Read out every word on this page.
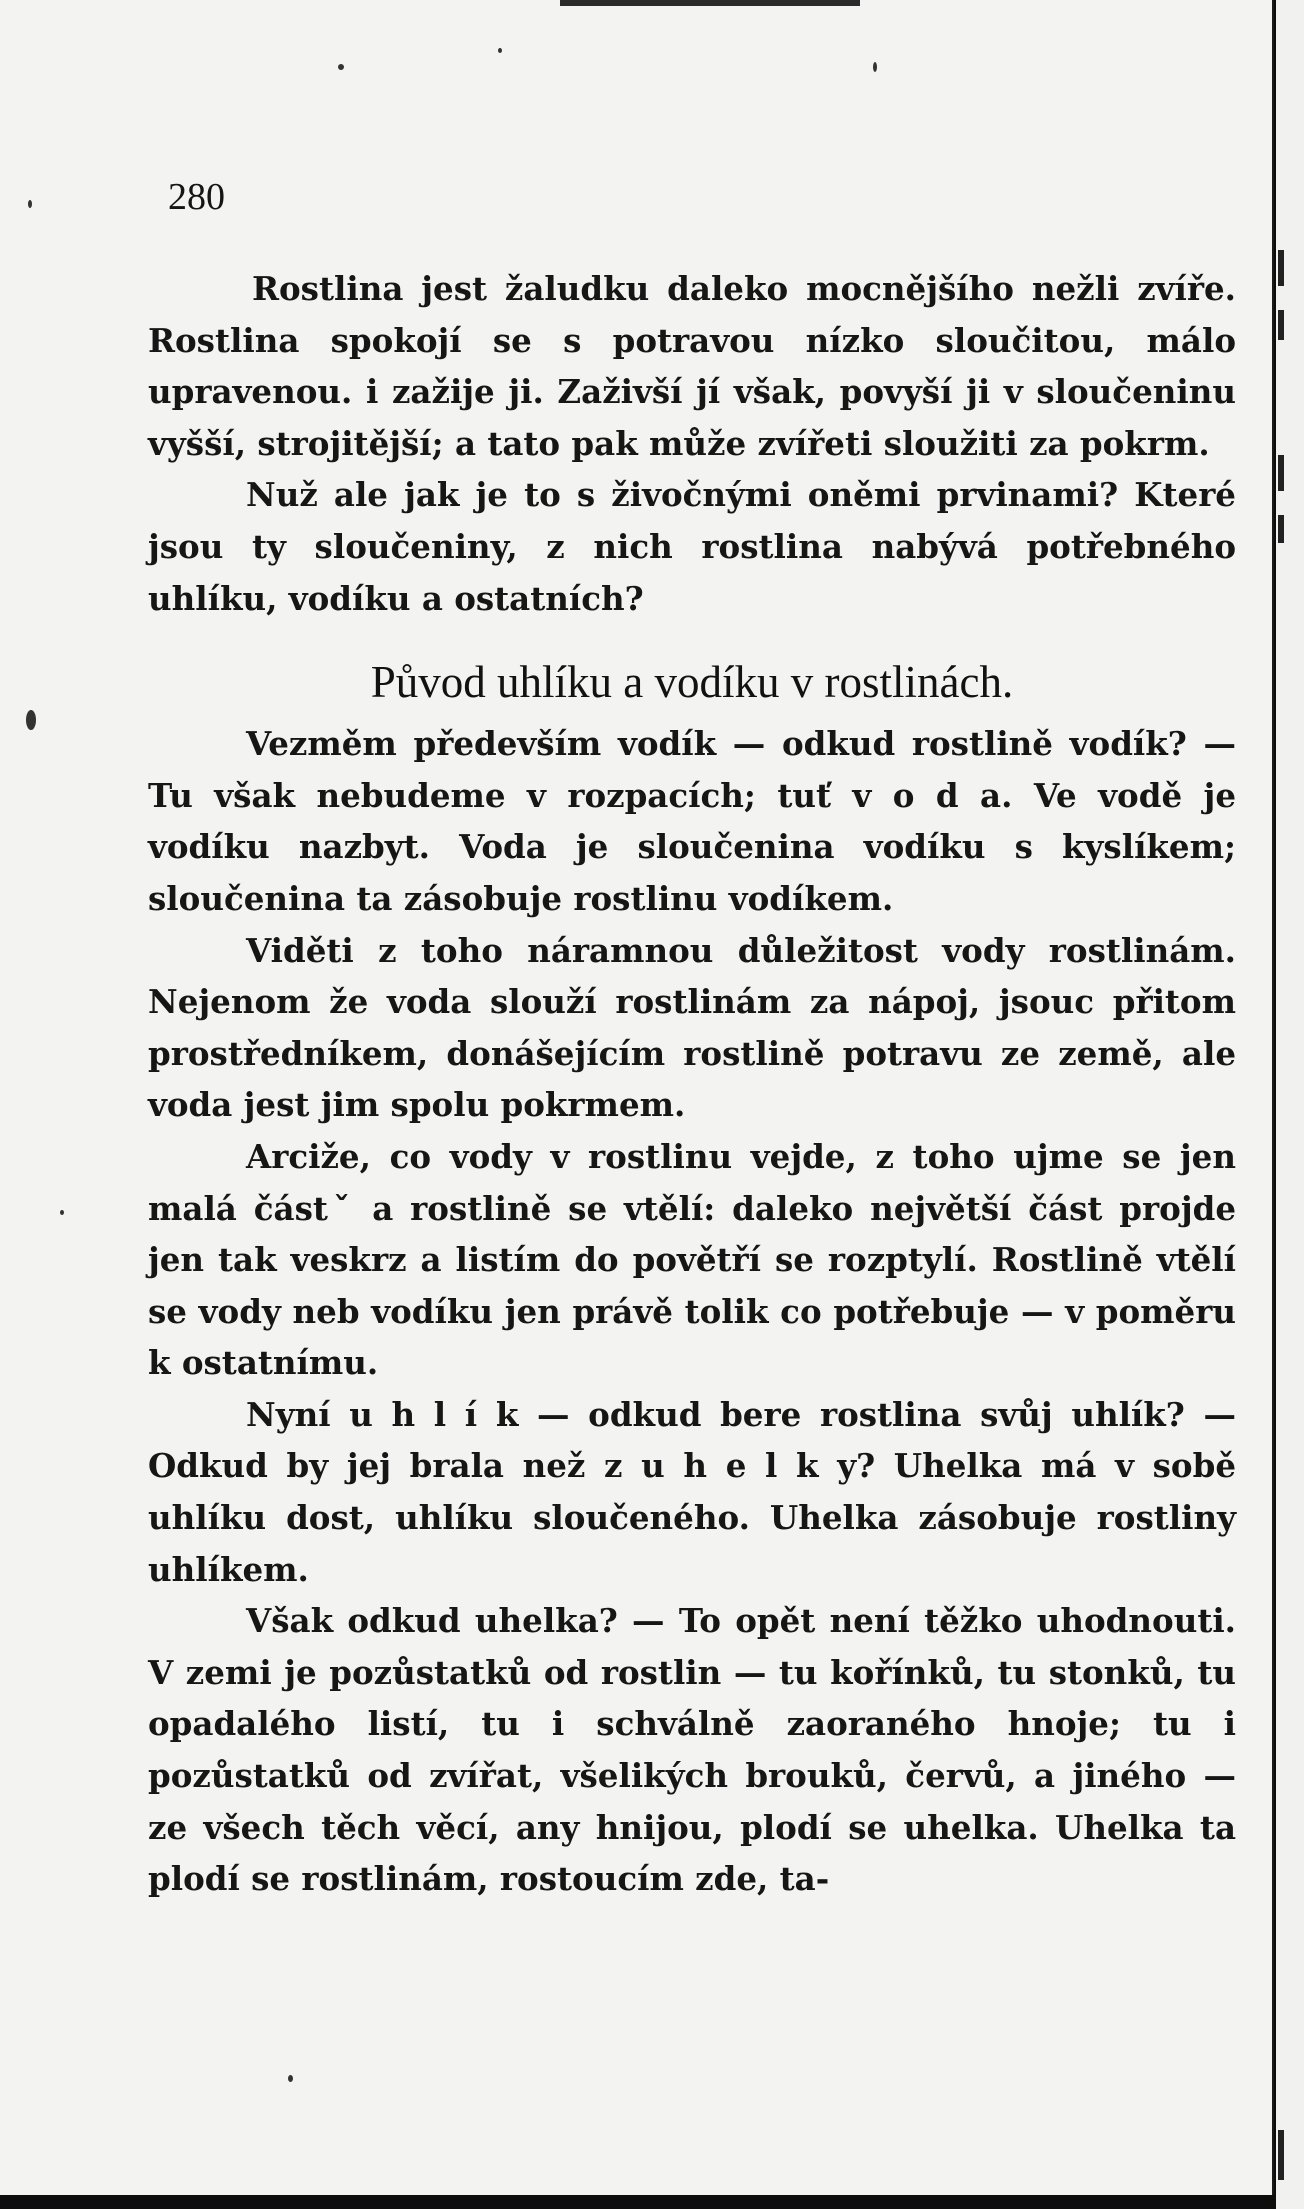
280

Rostlina jest žaludku daleko mocnějšího nežli zvíře. Rostlina spokojí se s potravou nízko sloučitou, málo upravenou. i zažije ji. Zaživší jí však, povyší ji v sloučeninu vyšší, strojitější; a tato pak může zvířeti sloužiti za pokrm.

Nuž ale jak je to s živočnými oněmi prvinami? Které jsou ty sloučeniny, z nich rostlina nabývá potřebného uhlíku, vodíku a ostatních?

Původ uhlíku a vodíku v rostlinách.

Vezměm především vodík — odkud rostlině vodík? — Tu však nebudeme v rozpacích; tuť v o d a. Ve vodě je vodíku nazbyt. Voda je sloučenina vodíku s kyslíkem; sloučenina ta zásobuje rostlinu vodíkem.

Viděti z toho náramnou důležitost vody rostlinám. Nejenom že voda slouží rostlinám za nápoj, jsouc přitom prostředníkem, donášejícím rostlině potravu ze země, ale voda jest jim spolu pokrmem.

Arciže, co vody v rostlinu vejde, z toho ujme se jen malá částˇ a rostlině se vtělí: daleko největší část projde jen tak veskrz a listím do povětří se rozptylí. Rostlině vtělí se vody neb vodíku jen právě tolik co potřebuje — v poměru k ostatnímu.

Nyní u h l í k — odkud bere rostlina svůj uhlík? — Odkud by jej brala než z u h e l k y? Uhelka má v sobě uhlíku dost, uhlíku sloučeného. Uhelka zásobuje rostliny uhlíkem.

Však odkud uhelka? — To opět není těžko uhodnouti. V zemi je pozůstatků od rostlin — tu kořínků, tu stonků, tu opadalého listí, tu i schválně zaoraného hnoje; tu i pozůstatků od zvířat, všelikých brouků, červů, a jiného — ze všech těch věcí, any hnijou, plodí se uhelka. Uhelka ta plodí se rostlinám, rostoucím zde, ta-
